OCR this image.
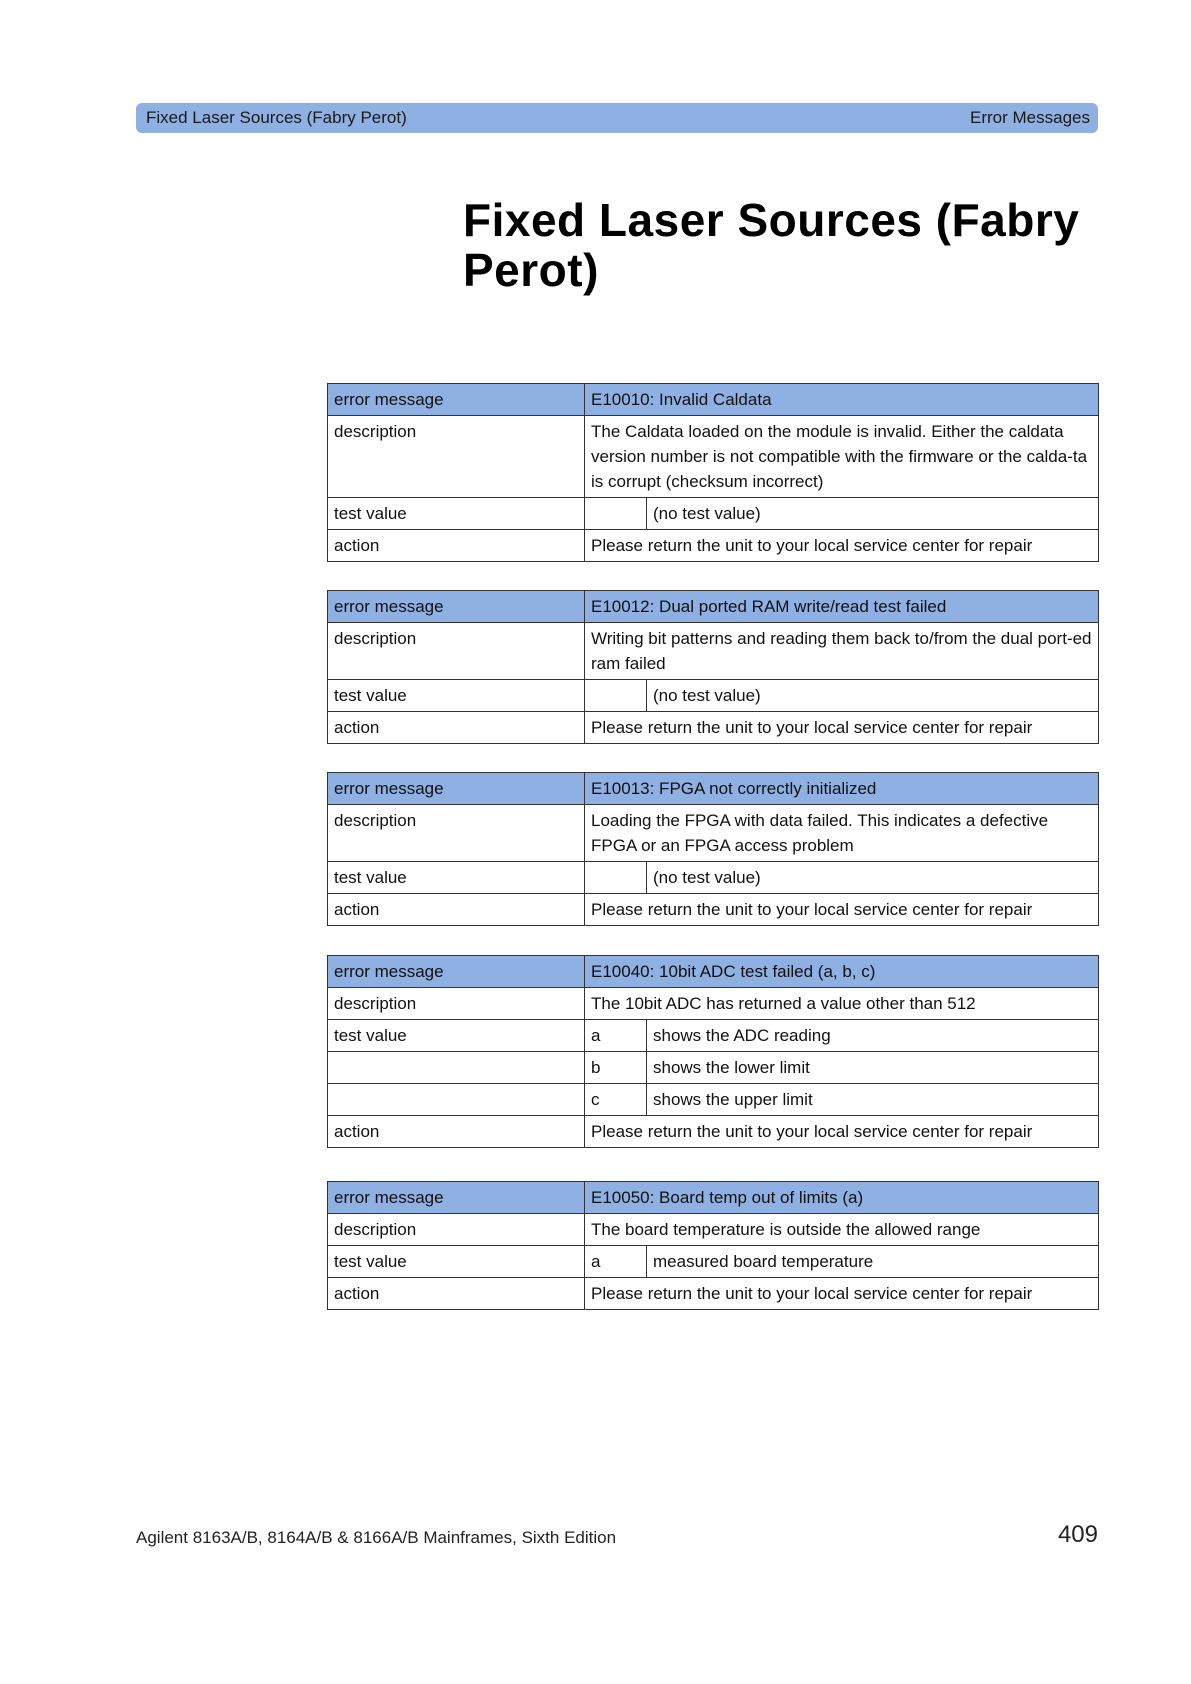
Fixed Laser Sources (Fabry Perot)	Error Messages
Fixed Laser Sources (Fabry Perot)
error message	E10010: Invalid Caldata	
description	The Caldata loaded on the module is invalid. Either the caldata version number is not compatible with the firmware or the calda-ta is corrupt (checksum incorrect)	
test value		(no test value)
action	Please return the unit to your local service center for repair	
error message	E10012: Dual ported RAM write/read test failed	
description	Writing bit patterns and reading them back to/from the dual port-ed ram failed	
test value		(no test value)
action	Please return the unit to your local service center for repair	
error message	E10013: FPGA not correctly initialized	
description	Loading the FPGA with data failed. This indicates a defective FPGA or an FPGA access problem	
test value		(no test value)
action	Please return the unit to your local service center for repair	
error message	E10040: 10bit ADC test failed (a, b, c)	
description	The 10bit ADC has returned a value other than 512	
test value	a	shows the ADC reading
	b	shows the lower limit
	c	shows the upper limit
action	Please return the unit to your local service center for repair	
error message	E10050: Board temp out of limits (a)	
description	The board temperature is outside the allowed range	
test value	a	measured board temperature
action	Please return the unit to your local service center for repair	
Agilent 8163A/B, 8164A/B & 8166A/B Mainframes, Sixth Edition	409
